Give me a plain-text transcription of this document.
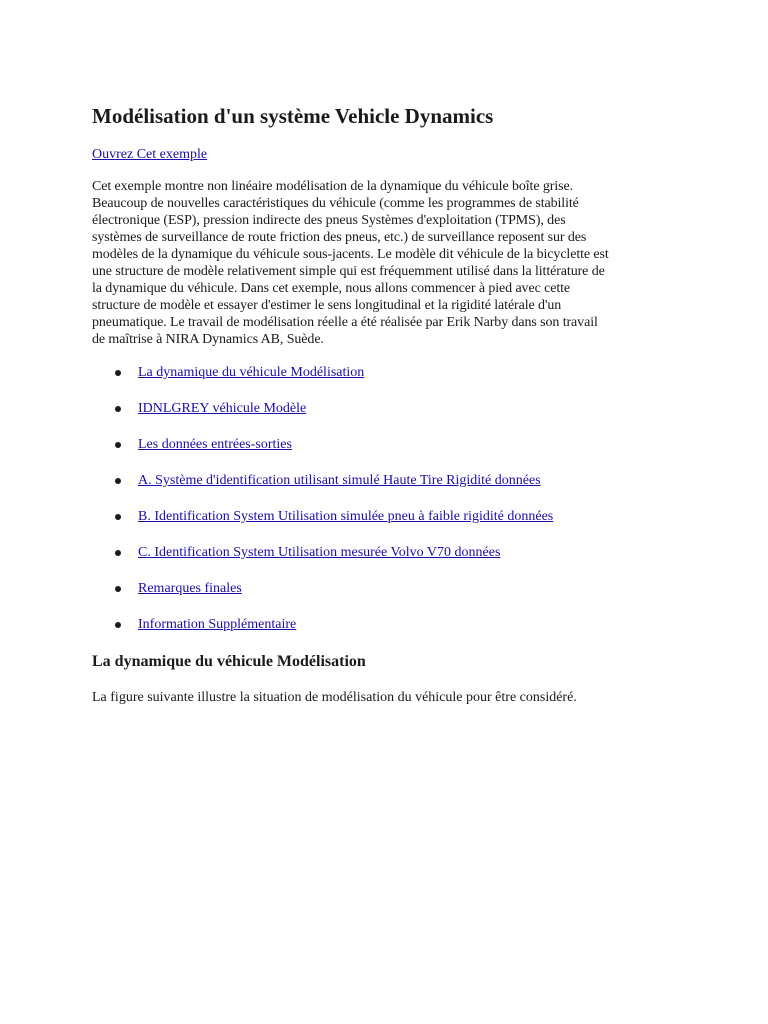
Modélisation d'un système Vehicle Dynamics
Ouvrez Cet exemple

Cet exemple montre non linéaire modélisation de la dynamique du véhicule boîte grise.
Beaucoup de nouvelles caractéristiques du véhicule (comme les programmes de stabilité
électronique (ESP), pression indirecte des pneus Systèmes d'exploitation (TPMS), des
systèmes de surveillance de route friction des pneus, etc.) de surveillance reposent sur des
modèles de la dynamique du véhicule sous-jacents. Le modèle dit véhicule de la bicyclette est
une structure de modèle relativement simple qui est fréquemment utilisé dans la littérature de
la dynamique du véhicule. Dans cet exemple, nous allons commencer à pied avec cette
structure de modèle et essayer d'estimer le sens longitudinal et la rigidité latérale d'un
pneumatique. Le travail de modélisation réelle a été réalisée par Erik Narby dans son travail
de maîtrise à NIRA Dynamics AB, Suède.

La dynamique du véhicule Modélisation
IDNLGREY véhicule Modèle
Les données entrées-sorties
A. Système d'identification utilisant simulé Haute Tire Rigidité données
B. Identification System Utilisation simulée pneu à faible rigidité données
C. Identification System Utilisation mesurée Volvo V70 données
Remarques finales
Information Supplémentaire
La dynamique du véhicule Modélisation

La figure suivante illustre la situation de modélisation du véhicule pour être considéré.
